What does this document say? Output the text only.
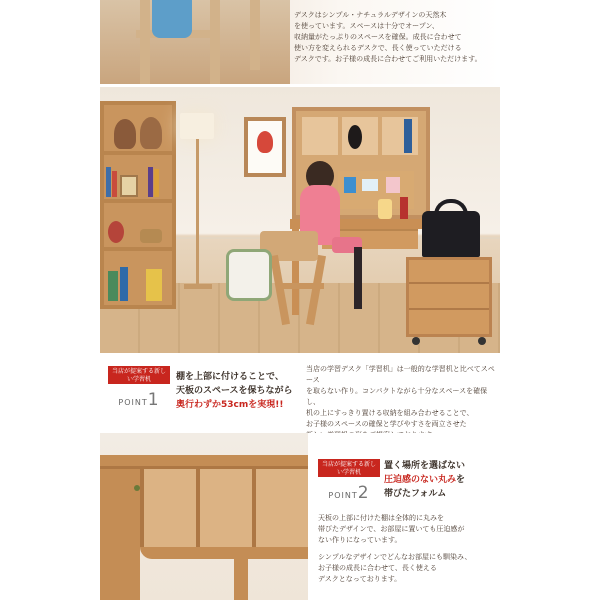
デスクはシンプル・ナチュラルデザインの天然木
を使っています。スペースは十分でオープン、
収納量がたっぷりのスペースを確保。成長に合わせて
使い方を変えられるデスクで、長く使っていただける
デスクです。お子様の成長に合わせてご利用いただけます。
当店が提案する新しい学習机
POINT1
棚を上部に付けることで、
天板のスペースを保ちながら
奥行わずか53cmを実現!!
当店の学習デスク「学習机」は一般的な学習机と比べてスペース
を取らない作り。コンパクトながら十分なスペースを確保し、
机の上にすっきり置ける収納を組み合わせることで、
お子様のスペースの確保と学びやすさを両立させた
当店が提案する新しい学習机
POINT2
置く場所を選ばない
圧迫感のない丸みを
帯びたフォルム
天板の上部に付けた棚は全体的に丸みを
帯びたデザインで、お部屋に置いても圧迫感が
ない作りになっています。
シンプルなデザインでどんなお部屋にも馴染み、
お子様の成長に合わせて、長く使える
デスクとなっております。
